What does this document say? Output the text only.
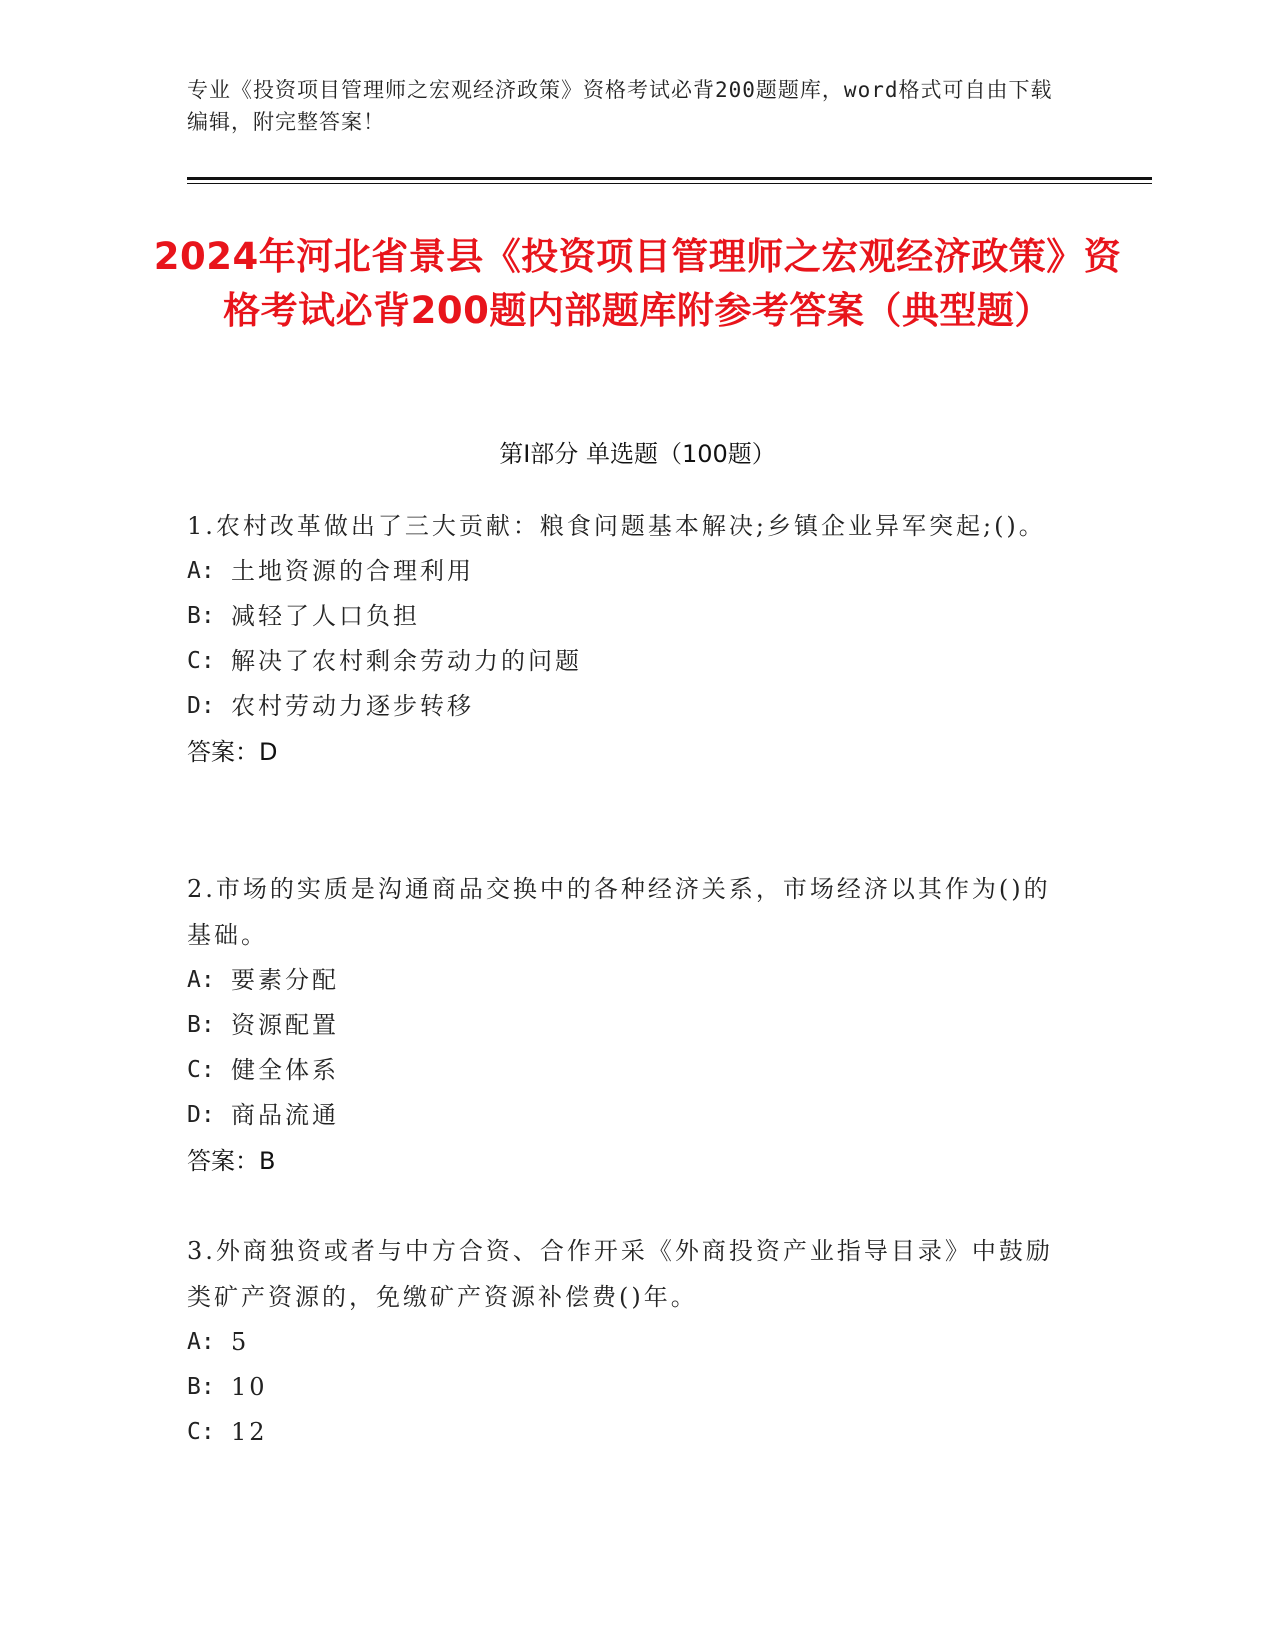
专业《投资项目管理师之宏观经济政策》资格考试必背200题题库，word格式可自由下载编辑，附完整答案！
2024年河北省景县《投资项目管理师之宏观经济政策》资格考试必背200题内部题库附参考答案（典型题）
第Ⅰ部分 单选题（100题）
1.农村改革做出了三大贡献：粮食问题基本解决;乡镇企业异军突起;()。
A: 土地资源的合理利用
B: 减轻了人口负担
C: 解决了农村剩余劳动力的问题
D: 农村劳动力逐步转移
答案：D
2.市场的实质是沟通商品交换中的各种经济关系，市场经济以其作为()的基础。
A: 要素分配
B: 资源配置
C: 健全体系
D: 商品流通
答案：B
3.外商独资或者与中方合资、合作开采《外商投资产业指导目录》中鼓励类矿产资源的，免缴矿产资源补偿费()年。
A: 5
B: 10
C: 12
